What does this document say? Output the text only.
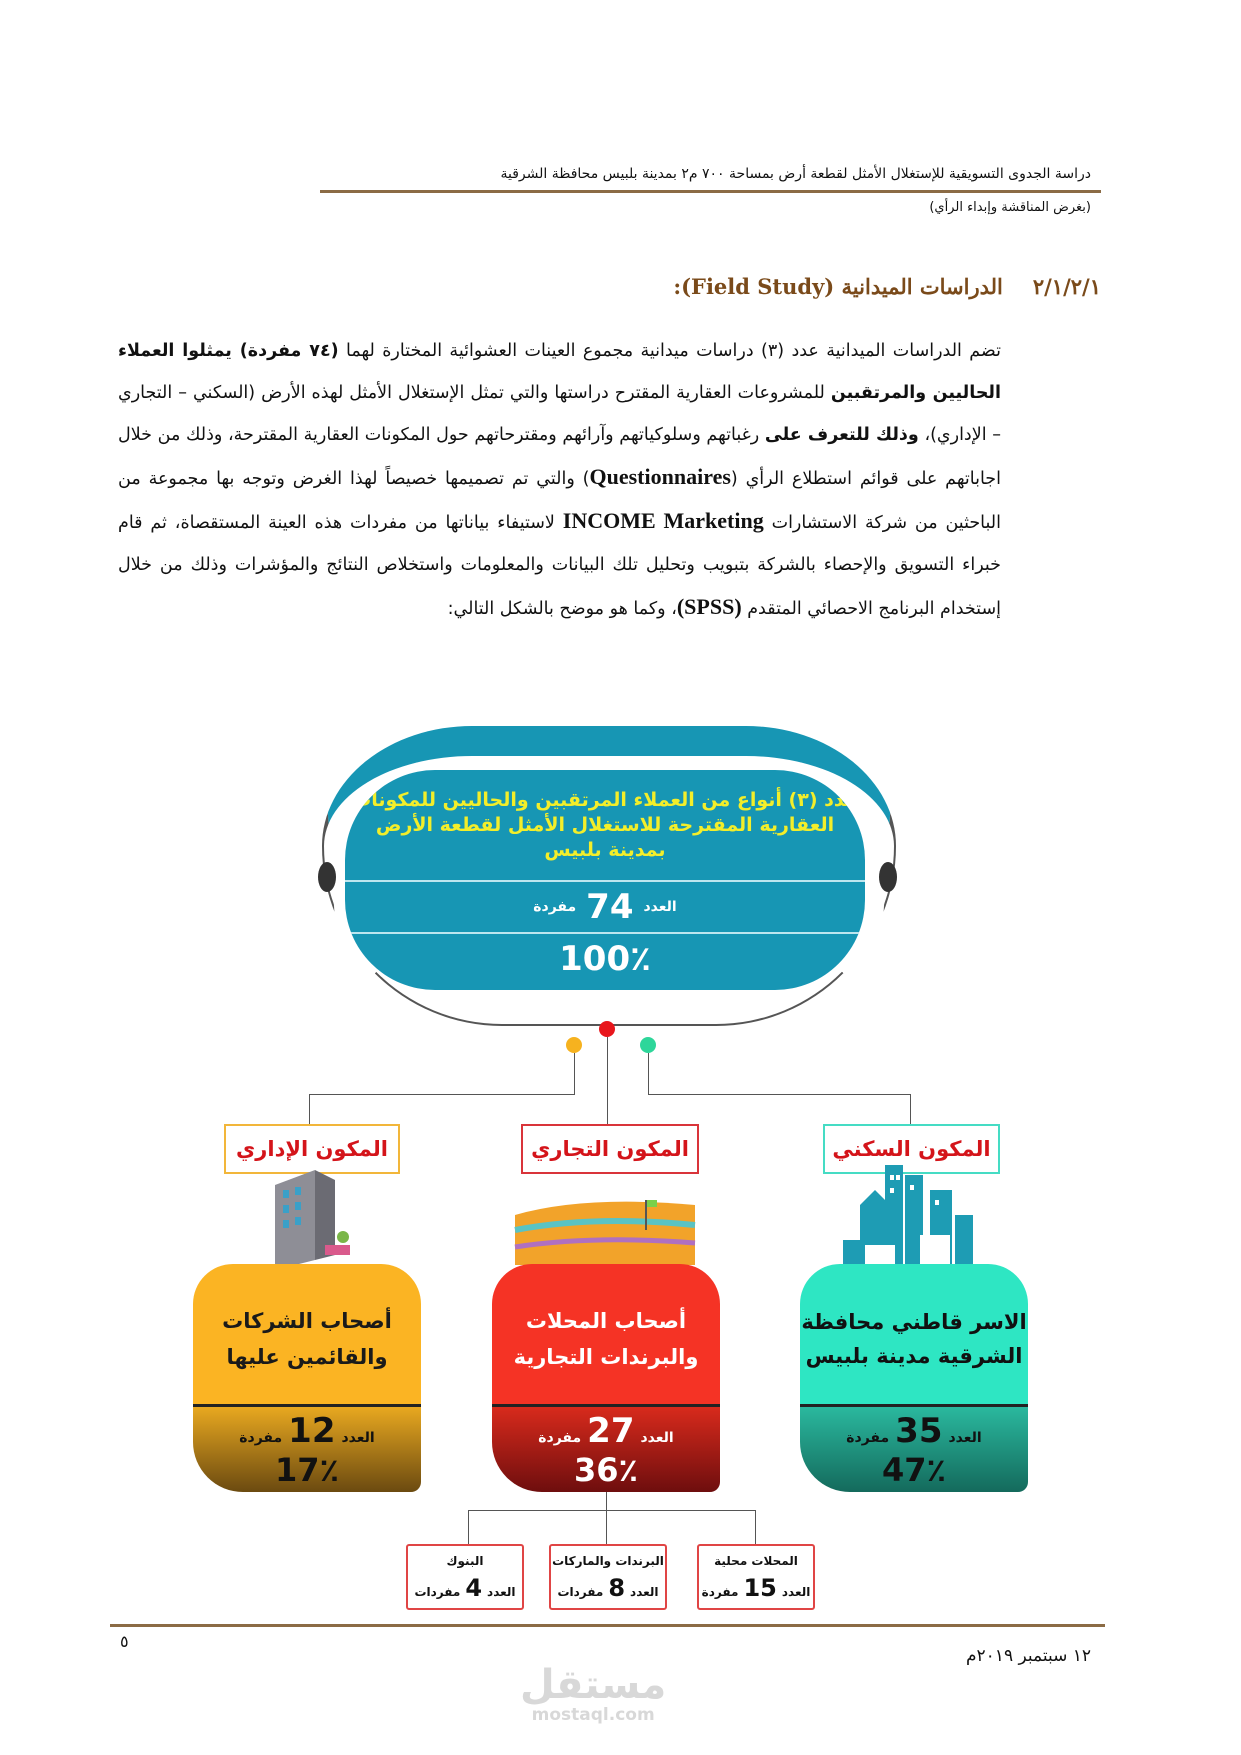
دراسة الجدوى التسويقية للإستغلال الأمثل لقطعة أرض بمساحة ٧٠٠ م٢ بمدينة بلبيس محافظة الشرقية
(بغرض المناقشة وإبداء الرأي)
٢/١/٢/١الدراسات الميدانية (Field Study):
تضم الدراسات الميدانية عدد (٣) دراسات ميدانية مجموع العينات العشوائية المختارة لهما (٧٤ مفردة) يمثلوا العملاء الحاليين والمرتقبين للمشروعات العقارية المقترح دراستها والتي تمثل الإستغلال الأمثل لهذه الأرض (السكني – التجاري – الإداري)، وذلك للتعرف على رغباتهم وسلوكياتهم وآرائهم ومقترحاتهم حول المكونات العقارية المقترحة، وذلك من خلال اجاباتهم على قوائم استطلاع الرأي (Questionnaires) والتي تم تصميمها خصيصاً لهذا الغرض وتوجه بها مجموعة من الباحثين من شركة الاستشارات INCOME Marketing لاستيفاء بياناتها من مفردات هذه العينة المستقصاة، ثم قام خبراء التسويق والإحصاء بالشركة بتبويب وتحليل تلك البيانات والمعلومات واستخلاص النتائج والمؤشرات وذلك من خلال إستخدام البرنامج الاحصائي المتقدم (SPSS)، وكما هو موضح بالشكل التالي:
عدد (٣) أنواع من العملاء المرتقبين والحاليين للمكونات العقارية المقترحة للاستغلال الأمثل لقطعة الأرض بمدينة بلبيس
العدد
74
مفردة
100٪
المكون الإداري	المكون التجاري	المكون السكني
أصحاب الشركات والقائمين عليها
العدد
12
مفردة
17٪
أصحاب المحلات والبرندات التجارية
العدد
27
مفردة
36٪
الاسر قاطني محافظة الشرقية مدينة بلبيس
العدد
35
مفردة
47٪
البنوك
العدد
4
مفردات
البرندات والماركات
العدد
8
مفردات
المحلات محلية
العدد
15
مفردة
٥
١٢ سبتمبر ٢٠١٩م
مستقل
mostaql.com
